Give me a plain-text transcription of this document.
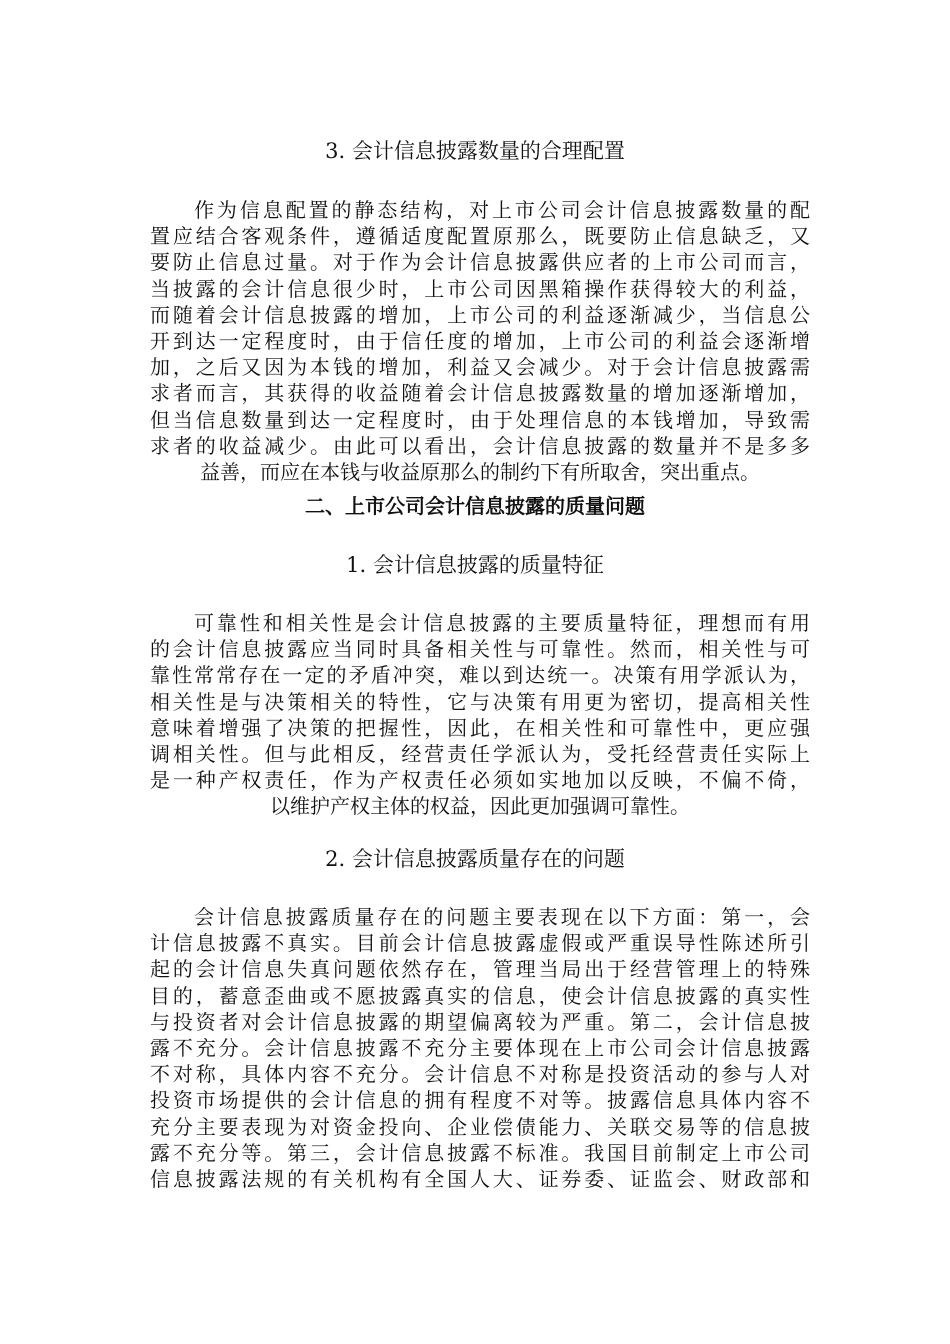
3. 会计信息披露数量的合理配置
作为信息配置的静态结构，对上市公司会计信息披露数量的配
置应结合客观条件，遵循适度配置原那么，既要防止信息缺乏，又
要防止信息过量。对于作为会计信息披露供应者的上市公司而言，
当披露的会计信息很少时，上市公司因黑箱操作获得较大的利益，
而随着会计信息披露的增加，上市公司的利益逐渐减少，当信息公
开到达一定程度时，由于信任度的增加，上市公司的利益会逐渐增
加，之后又因为本钱的增加，利益又会减少。对于会计信息披露需
求者而言，其获得的收益随着会计信息披露数量的增加逐渐增加，
但当信息数量到达一定程度时，由于处理信息的本钱增加，导致需
求者的收益减少。由此可以看出，会计信息披露的数量并不是多多
益善，而应在本钱与收益原那么的制约下有所取舍，突出重点。
二、上市公司会计信息披露的质量问题
1. 会计信息披露的质量特征
可靠性和相关性是会计信息披露的主要质量特征，理想而有用
的会计信息披露应当同时具备相关性与可靠性。然而，相关性与可
靠性常常存在一定的矛盾冲突，难以到达统一。决策有用学派认为，
相关性是与决策相关的特性，它与决策有用更为密切，提高相关性
意味着增强了决策的把握性，因此，在相关性和可靠性中，更应强
调相关性。但与此相反，经营责任学派认为，受托经营责任实际上
是一种产权责任，作为产权责任必须如实地加以反映，不偏不倚，
以维护产权主体的权益，因此更加强调可靠性。
2. 会计信息披露质量存在的问题
会计信息披露质量存在的问题主要表现在以下方面：第一，会
计信息披露不真实。目前会计信息披露虚假或严重误导性陈述所引
起的会计信息失真问题依然存在，管理当局出于经营管理上的特殊
目的，蓄意歪曲或不愿披露真实的信息，使会计信息披露的真实性
与投资者对会计信息披露的期望偏离较为严重。第二，会计信息披
露不充分。会计信息披露不充分主要体现在上市公司会计信息披露
不对称，具体内容不充分。会计信息不对称是投资活动的参与人对
投资市场提供的会计信息的拥有程度不对等。披露信息具体内容不
充分主要表现为对资金投向、企业偿债能力、关联交易等的信息披
露不充分等。第三，会计信息披露不标准。我国目前制定上市公司
信息披露法规的有关机构有全国人大、证券委、证监会、财政部和
